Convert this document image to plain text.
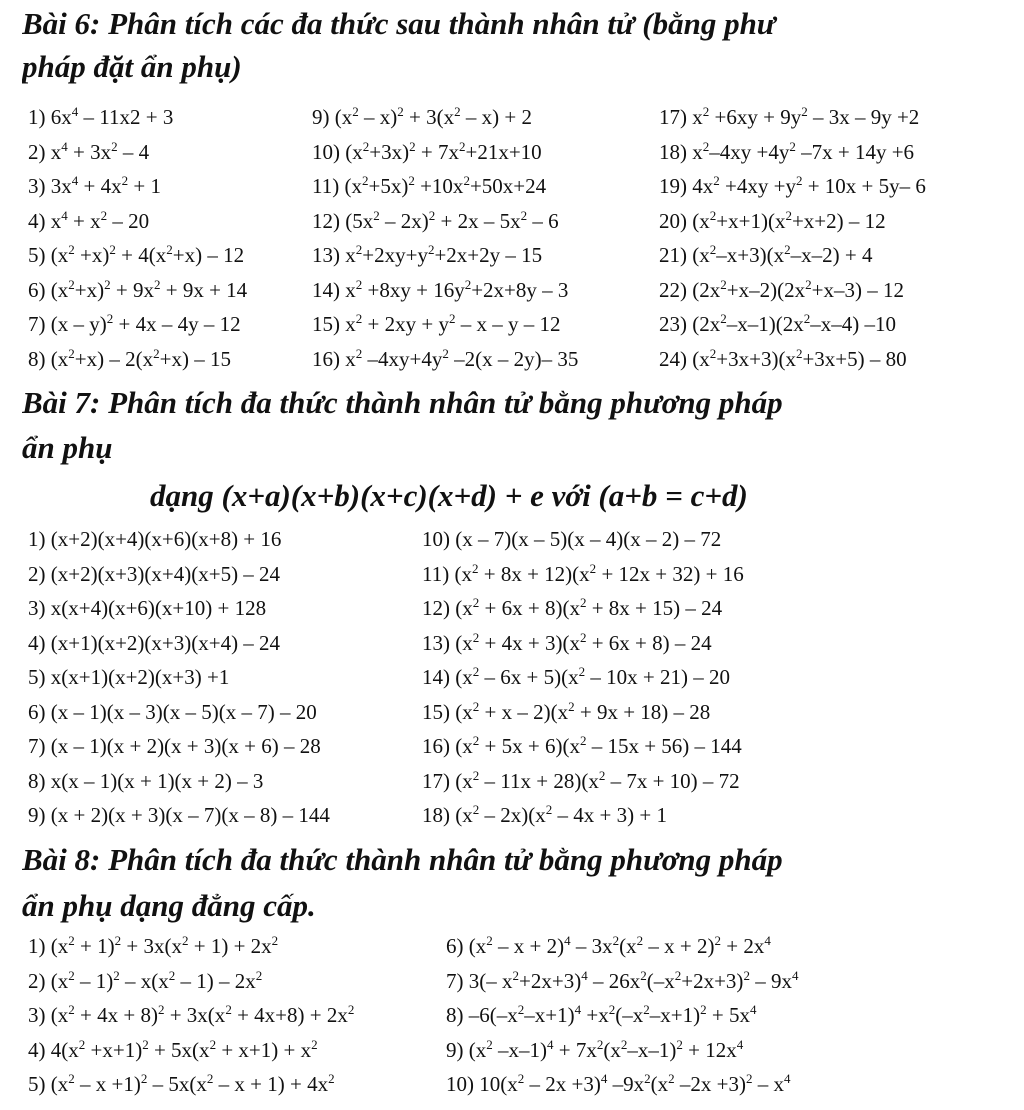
Bài 6: Phân tích các đa thức sau thành nhân tử (bằng phư
pháp đặt ẩn phụ)
1) $6x^4 - 11x2 + 3$
2) $x^4 + 3x^2 - 4$
3) $3x^4 + 4x^2 + 1$
4) $x^4 + x^2 - 20$
5) $(x^2 +x)^2 + 4(x^2+x) - 12$
6) $(x^2+x)^2 + 9x^2 + 9x + 14$
7) (x – y)$^2$ + 4x – 4y – 12
8) $(x^2+x) - 2(x^2+x) - 15$
9) $(x^2 - x)^2 + 3(x^2 - x) + 2$
10) $(x^2+3x)^2 + 7x^2+21x+10$
11) $(x^2+5x)^2 +10x^2+50x+24$
12) $(5x^2 - 2x)^2 + 2x - 5x^2 - 6$
13) $x^2+2xy+y^2+2x+2y - 15$
14) $x^2 +8xy + 16y^2+2x+8y - 3$
15) $x^2 + 2xy + y^2 - x - y - 12$
16) $x^2$ $-4xy+4y^2$ –2(x – 2y)– 35
17) $x^2 +6xy + 9y^2 - 3x - 9y +2$
18) $x^2-4xy +4y^2$ –7x + 14y +6
19) $4x^2 +4xy +y^2 + 10x + 5y-$ 6
20) $(x^2+x+1)(x^2+x+2) - 12$
21) $(x^2-x+3)(x^2-x-2) + 4$
22) $(2x^2+x-2)(2x^2+x-3) - 12$
23) $(2x^2-x-1)(2x^2-x-4)$ –10
24) $(x^2+3x+3)(x^2+3x+5) - 80$
Bài 7: Phân tích đa thức thành nhân tử bằng phương pháp
ẩn phụ
dạng (x+a)(x+b)(x+c)(x+d) + e với (a+b = c+d)
1) (x+2)(x+4)(x+6)(x+8) + 16
2) (x+2)(x+3)(x+4)(x+5) – 24
3) x(x+4)(x+6)(x+10) + 128
4) (x+1)(x+2)(x+3)(x+4) – 24
5) x(x+1)(x+2)(x+3) +1
6) (x – 1)(x – 3)(x – 5)(x – 7) – 20
7) (x – 1)(x + 2)(x + 3)(x + 6) – 28
8) x(x – 1)(x + 1)(x + 2) – 3
9) (x + 2)(x + 3)(x – 7)(x – 8) – 144
10) (x – 7)(x – 5)(x – 4)(x – 2) – 72
11) $(x^2 + 8x + 12)(x^2 + 12x + 32) + 16$
12) $(x^2 + 6x + 8)(x^2 + 8x + 15) - 24$
13) $(x^2 + 4x + 3)(x^2 + 6x + 8) - 24$
14) $(x^2 - 6x + 5)(x^2 - 10x + 21) - 20$
15) $(x^2 + x - 2)(x^2 + 9x + 18) - 28$
16) $(x^2 + 5x + 6)(x^2 - 15x + 56) - 144$
17) $(x^2 - 11x + 28)(x^2 - 7x + 10) - 72$
18) $(x^2 - 2x)(x^2 - 4x + 3) + 1$
Bài 8: Phân tích đa thức thành nhân tử bằng phương pháp
ẩn phụ dạng đẳng cấp.
1) $(x^2 + 1)^2 + 3x(x^2 + 1) + 2x^2$
2) $(x^2 - 1)^2 - x(x^2 - 1) - 2x^2$
3) $(x^2 + 4x + 8)^2 + 3x(x^2 + 4x+8) + 2x^2$
4) $4(x^2 +x+1)^2 + 5x(x^2 + x+1) + x^2$
5) $(x^2 - x +1)^2 - 5x(x^2 - x + 1) + 4x^2$
6) $(x^2 - x + 2)^4 - 3x^2(x^2 - x + 2)^2 + 2x^4$
7) 3(– $x^2+2x+3)^4 - 26x^2(-x^2+2x+3)^2 - 9x^4$
8) $-6(-x^2-x+1)^4 +x^2(-x^2-x+1)^2 + 5x^4$
9) ($x^2$ $-x-1)^4 + 7x^2(x^2-x-1)^2 + 12x^4$
10) $10(x^2 - 2x +3)^4$ $-9x^2(x^2$ $-2x +3)^2 - x^4$
